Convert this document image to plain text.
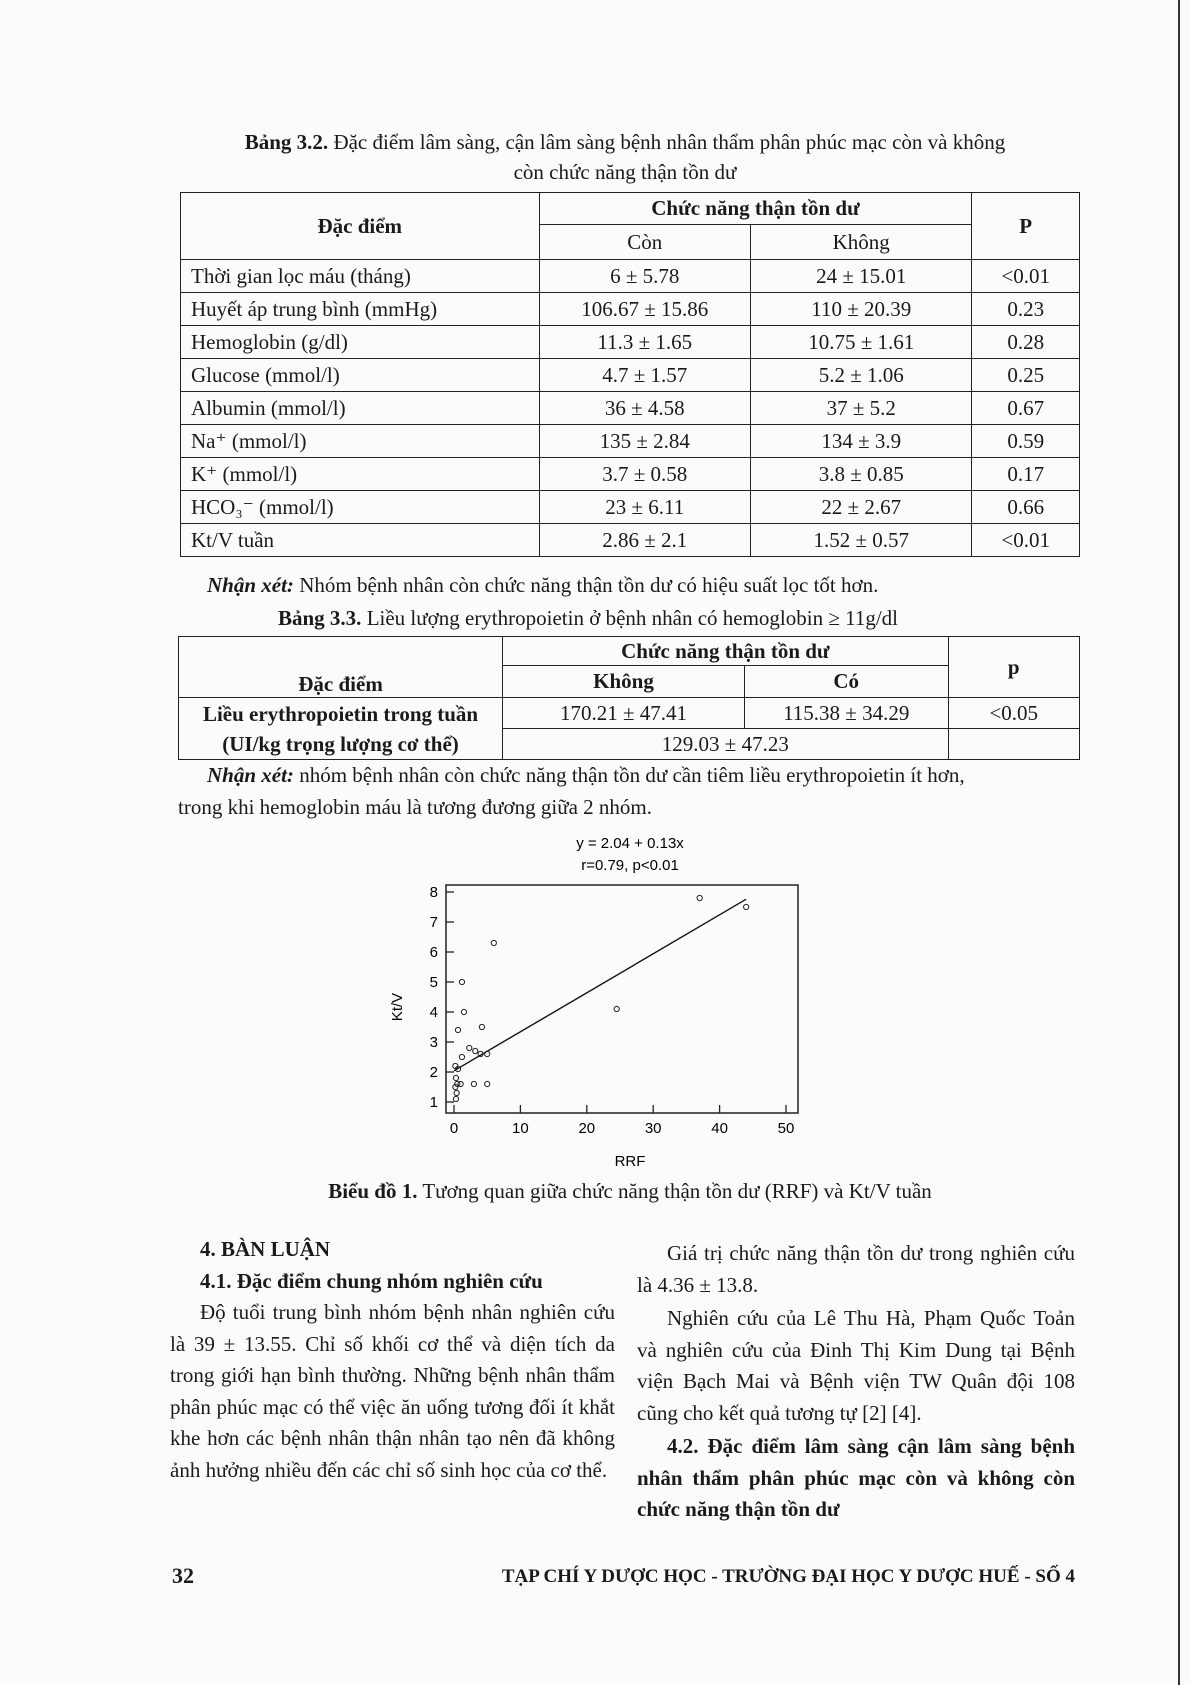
Bảng 3.2. Đặc điểm lâm sàng, cận lâm sàng bệnh nhân thẩm phân phúc mạc còn và không
còn chức năng thận tồn dư
Đặc điểm	Chức năng thận tồn dư		P
	Còn	Không	
Thời gian lọc máu (tháng)	6 ± 5.78	24 ± 15.01	<0.01
Huyết áp trung bình (mmHg)	106.67 ± 15.86	110 ± 20.39	0.23
Hemoglobin (g/dl)	11.3 ± 1.65	10.75 ± 1.61	0.28
Glucose (mmol/l)	4.7 ± 1.57	5.2 ± 1.06	0.25
Albumin (mmol/l)	36 ± 4.58	37 ± 5.2	0.67
Na⁺ (mmol/l)	135 ± 2.84	134 ± 3.9	0.59
K⁺ (mmol/l)	3.7 ± 0.58	3.8 ± 0.85	0.17
HCO₃⁻ (mmol/l)	23 ± 6.11	22 ± 2.67	0.66
Kt/V tuần	2.86 ± 2.1	1.52 ± 0.57	<0.01
Nhận xét: Nhóm bệnh nhân còn chức năng thận tồn dư có hiệu suất lọc tốt hơn.
Bảng 3.3. Liều lượng erythropoietin ở bệnh nhân có hemoglobin ≥ 11g/dl
Đặc điểm	Chức năng thận tồn dư		p
	Không	Có	
Liều erythropoietin trong tuần
(UI/kg trọng lượng cơ thể)	170.21 ± 47.41	115.38 ± 34.29	<0.05
	129.03 ± 47.23		
Nhận xét: nhóm bệnh nhân còn chức năng thận tồn dư cần tiêm liều erythropoietin ít hơn,
trong khi hemoglobin máu là tương đương giữa 2 nhóm.
y = 2.04 + 0.13x
r=0.79, p<0.01
1
2
3
4
5
6
7
8
0	10	20	30	40	50
Kt/V
RRF
Biểu đồ 1. Tương quan giữa chức năng thận tồn dư (RRF) và Kt/V tuần

4. BÀN LUẬN

4.1. Đặc điểm chung nhóm nghiên cứu

Độ tuổi trung bình nhóm bệnh nhân nghiên cứu là 39 ± 13.55. Chỉ số khối cơ thể và diện tích da trong giới hạn bình thường. Những bệnh nhân thẩm phân phúc mạc có thể việc ăn uống tương đối ít khắt khe hơn các bệnh nhân thận nhân tạo nên đã không ảnh hưởng nhiều đến các chỉ số sinh học của cơ thể.

Giá trị chức năng thận tồn dư trong nghiên cứu là 4.36 ± 13.8.

Nghiên cứu của Lê Thu Hà, Phạm Quốc Toản và nghiên cứu của Đinh Thị Kim Dung tại Bệnh viện Bạch Mai và Bệnh viện TW Quân đội 108 cũng cho kết quả tương tự [2] [4].

4.2. Đặc điểm lâm sàng cận lâm sàng bệnh nhân thẩm phân phúc mạc còn và không còn chức năng thận tồn dư

32	TẠP CHÍ Y DƯỢC HỌC - TRƯỜNG ĐẠI HỌC Y DƯỢC HUẾ - SỐ 4
